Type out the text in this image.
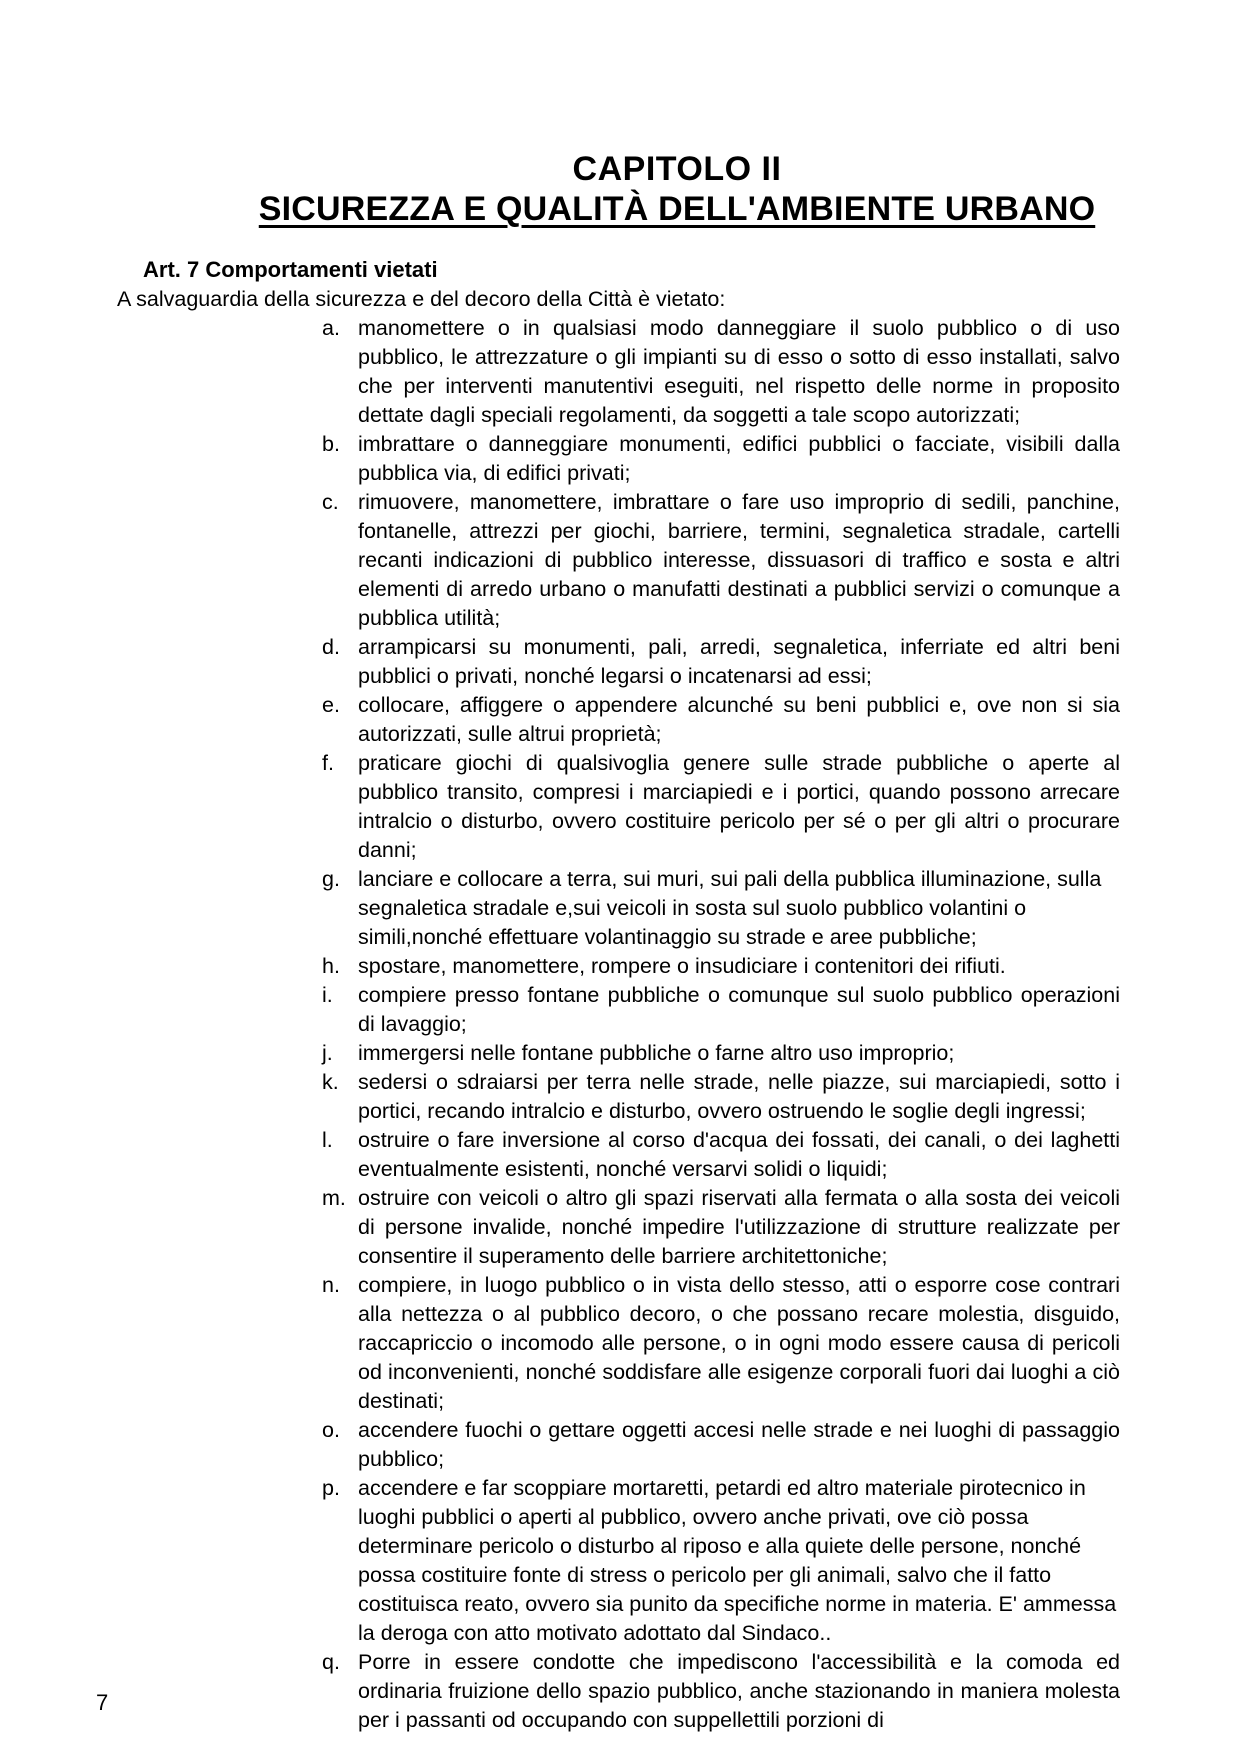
CAPITOLO II
SICUREZZA E QUALITÀ DELL'AMBIENTE URBANO
Art. 7 Comportamenti vietati

A salvaguardia della sicurezza e del decoro della Città è vietato:

a. manomettere o in qualsiasi modo danneggiare il suolo pubblico o di uso pubblico, le attrezzature o gli impianti su di esso o sotto di esso installati, salvo che per interventi manutentivi eseguiti, nel rispetto delle norme in proposito dettate dagli speciali regolamenti, da soggetti a tale scopo autorizzati;
b. imbrattare o danneggiare monumenti, edifici pubblici o facciate, visibili dalla pubblica via, di edifici privati;
c. rimuovere, manomettere, imbrattare o fare uso improprio di sedili, panchine, fontanelle, attrezzi per giochi, barriere, termini, segnaletica stradale, cartelli recanti indicazioni di pubblico interesse, dissuasori di traffico e sosta e altri elementi di arredo urbano o manufatti destinati a pubblici servizi o comunque a pubblica utilità;
d. arrampicarsi su monumenti, pali, arredi, segnaletica, inferriate ed altri beni pubblici o privati, nonché legarsi o incatenarsi ad essi;
e. collocare, affiggere o appendere alcunché su beni pubblici e, ove non si sia autorizzati, sulle altrui proprietà;
f.	praticare giochi di qualsivoglia genere sulle strade pubbliche o aperte al pubblico transito, compresi i marciapiedi e i portici, quando possono arrecare intralcio o disturbo, ovvero costituire pericolo per sé o per gli altri o procurare danni;
g. lanciare e collocare a terra, sui muri, sui pali della pubblica illuminazione, sulla segnaletica stradale e,sui veicoli in sosta sul suolo pubblico volantini o simili,nonché effettuare volantinaggio su strade e aree pubbliche;
h. spostare, manomettere, rompere o insudiciare i contenitori dei rifiuti.
i.	compiere presso fontane pubbliche o comunque sul suolo pubblico operazioni di lavaggio;
j.	immergersi nelle fontane pubbliche o farne altro uso improprio;
k. sedersi o sdraiarsi per terra nelle strade, nelle piazze, sui marciapiedi, sotto i portici, recando intralcio e disturbo, ovvero ostruendo le soglie degli ingressi;
l.	ostruire o fare inversione al corso d'acqua dei fossati, dei canali, o dei laghetti eventualmente esistenti, nonché versarvi solidi o liquidi;
m. ostruire con veicoli o altro gli spazi riservati alla fermata o alla sosta dei veicoli di persone invalide, nonché impedire l'utilizzazione di strutture realizzate per consentire il superamento delle barriere architettoniche;
n. compiere, in luogo pubblico o in vista dello stesso, atti o esporre cose contrari alla nettezza o al pubblico decoro, o che possano recare molestia, disguido, raccapriccio o incomodo alle persone, o in ogni modo essere causa di pericoli od inconvenienti, nonché soddisfare alle esigenze corporali fuori dai luoghi a ciò destinati;
o. accendere fuochi o gettare oggetti accesi nelle strade e nei luoghi di passaggio pubblico;
p. accendere e far scoppiare mortaretti, petardi ed altro materiale pirotecnico in luoghi pubblici o aperti al pubblico, ovvero anche privati, ove ciò possa determinare pericolo o disturbo al riposo e alla quiete delle persone, nonché possa costituire fonte di stress o pericolo per gli animali, salvo che il fatto costituisca reato, ovvero sia punito da specifiche norme in materia. E' ammessa la deroga con atto motivato adottato dal Sindaco..
q. Porre in essere condotte che impediscono l'accessibilità e la comoda ed ordinaria fruizione dello spazio pubblico, anche stazionando in maniera molesta per i passanti od occupando con suppellettili porzioni di
7
